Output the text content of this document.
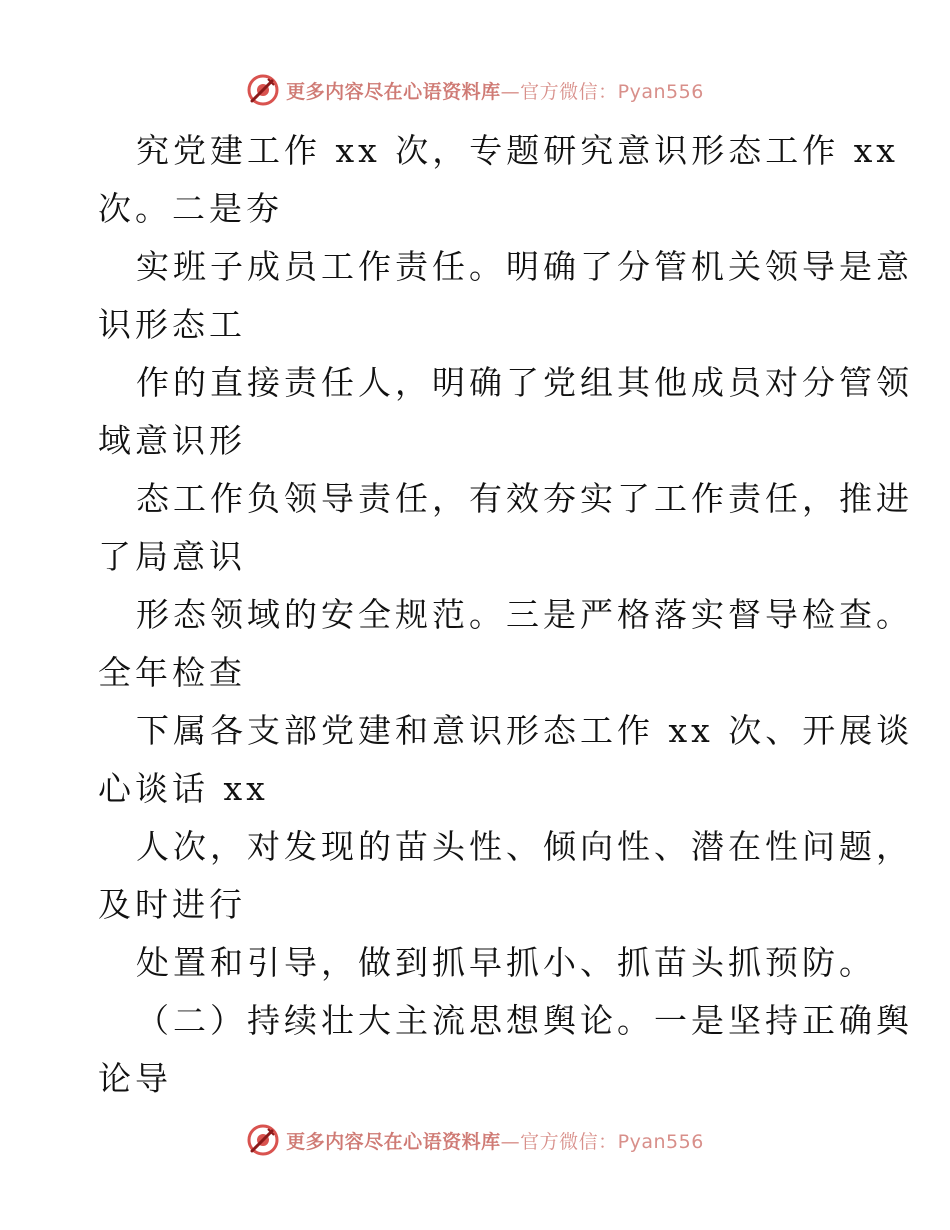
更多内容尽在心语资料库—官方微信：Pyan556
究党建工作 xx 次，专题研究意识形态工作 xx
次。二是夯
实班子成员工作责任。明确了分管机关领导是意
识形态工
作的直接责任人，明确了党组其他成员对分管领
域意识形
态工作负领导责任，有效夯实了工作责任，推进
了局意识
形态领域的安全规范。三是严格落实督导检查。
全年检查
下属各支部党建和意识形态工作 xx 次、开展谈
心谈话 xx
人次，对发现的苗头性、倾向性、潜在性问题，
及时进行
处置和引导，做到抓早抓小、抓苗头抓预防。
（二）持续壮大主流思想舆论。一是坚持正确舆
论导
更多内容尽在心语资料库—官方微信：Pyan556
